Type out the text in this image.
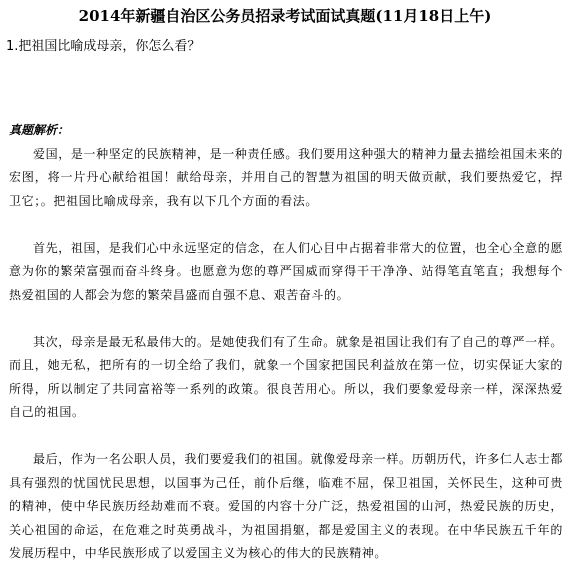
2014年新疆自治区公务员招录考试面试真题(11月18日上午)
1.把祖国比喻成母亲，你怎么看？
真题解析：

爱国，是一种坚定的民族精神，是一种责任感。我们要用这种强大的精神力量去描绘祖国未来的宏图，将一片丹心献给祖国！献给母亲，并用自己的智慧为祖国的明天做贡献，我们要热爱它，捍卫它；。把祖国比喻成母亲，我有以下几个方面的看法。

首先，祖国，是我们心中永远坚定的信念，在人们心目中占据着非常大的位置，也全心全意的愿意为你的繁荣富强而奋斗终身。也愿意为您的尊严国威而穿得干干净净、站得笔直笔直；我想每个热爱祖国的人都会为您的繁荣昌盛而自强不息、艰苦奋斗的。

其次，母亲是最无私最伟大的。是她使我们有了生命。就象是祖国让我们有了自己的尊严一样。而且，她无私，把所有的一切全给了我们，就象一个国家把国民利益放在第一位，切实保证大家的所得，所以制定了共同富裕等一系列的政策。很良苦用心。所以，我们要象爱母亲一样，深深热爱自己的祖国。

最后，作为一名公职人员，我们要爱我们的祖国。就像爱母亲一样。历朝历代，许多仁人志士都具有强烈的忧国忧民思想，以国事为己任，前仆后继，临难不屈，保卫祖国，关怀民生，这种可贵的精神，使中华民族历经劫难而不衰。爱国的内容十分广泛，热爱祖国的山河，热爱民族的历史，关心祖国的命运，在危难之时英勇战斗，为祖国捐躯，都是爱国主义的表现。在中华民族五千年的发展历程中，中华民族形成了以爱国主义为核心的伟大的民族精神。
